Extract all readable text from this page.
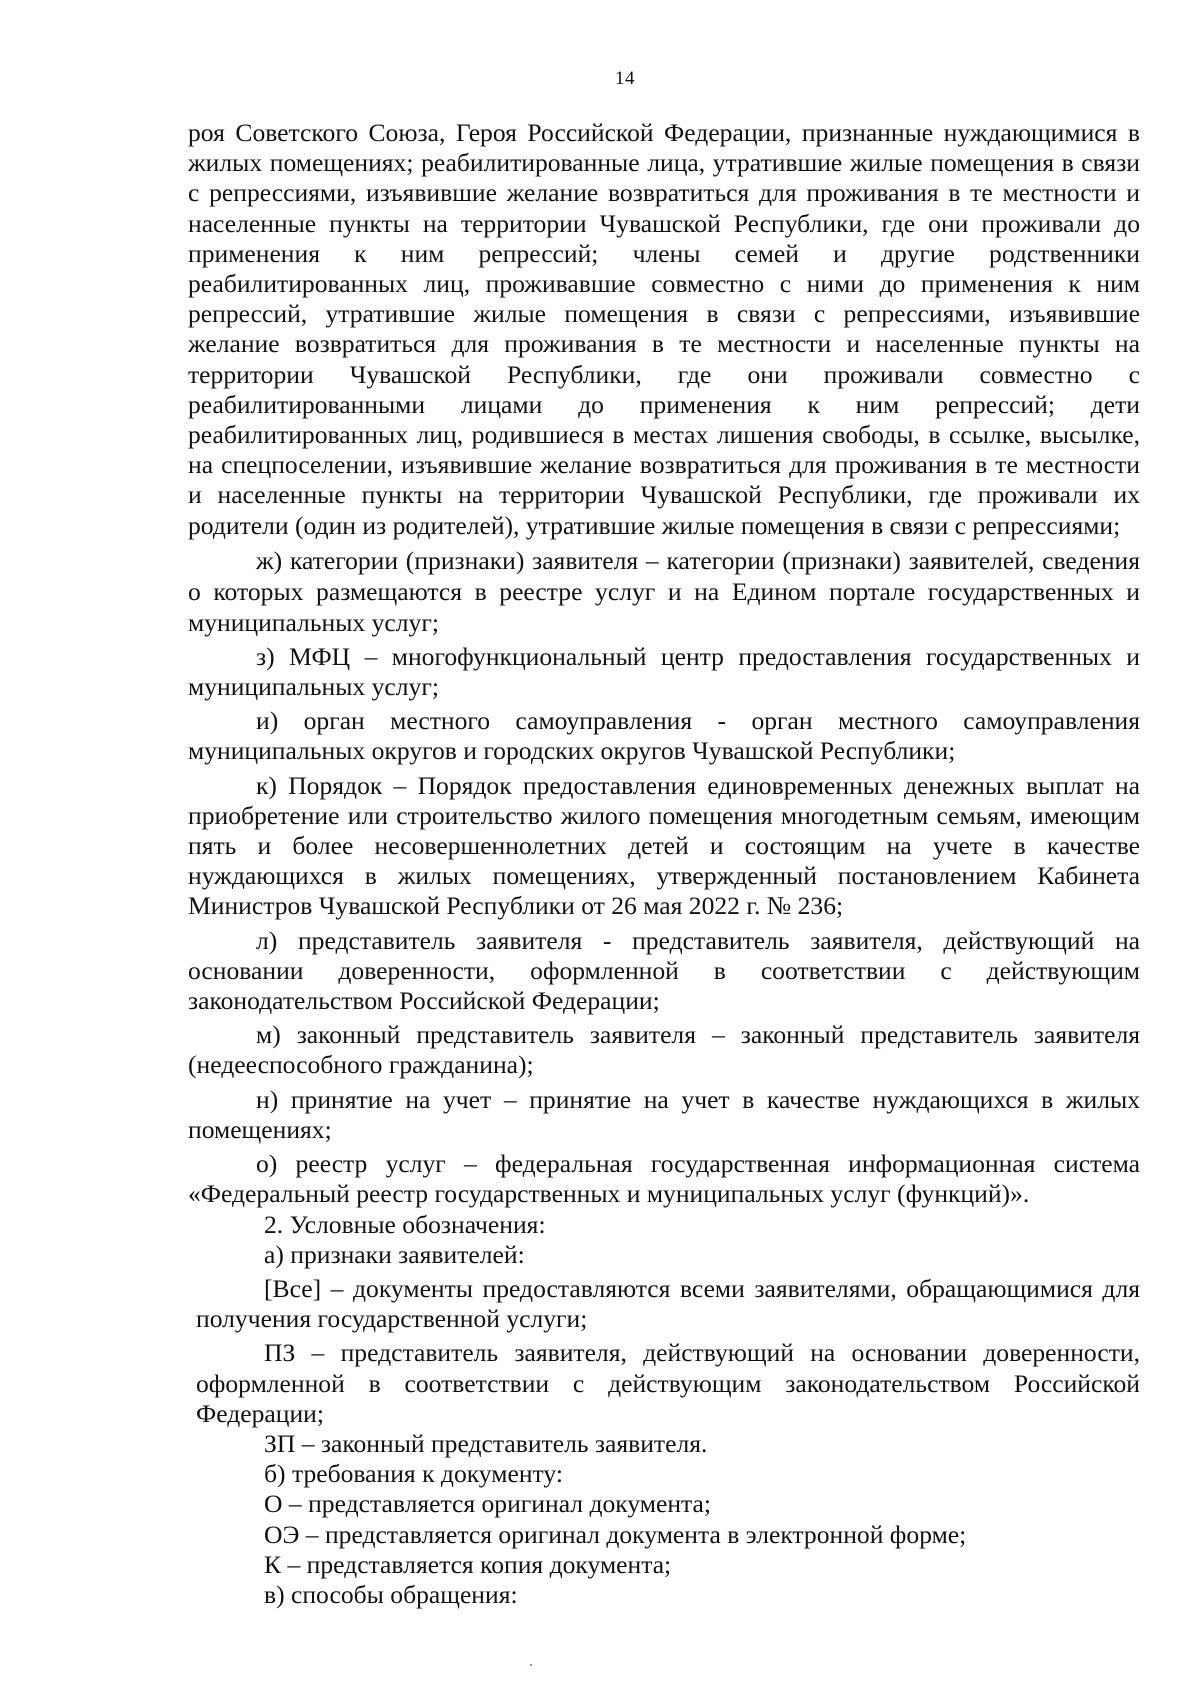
14

роя Советского Союза, Героя Российской Федерации, признанные нуждающимися в жилых помещениях; реабилитированные лица, утратившие жилые помещения в связи с репрессиями, изъявившие желание возвратиться для проживания в те местности и населенные пункты на территории Чувашской Республики, где они проживали до применения к ним репрессий; члены семей и другие родственники реабилитированных лиц, проживавшие совместно с ними до применения к ним репрессий, утратившие жилые помещения в связи с репрессиями, изъявившие желание возвратиться для проживания в те местности и населенные пункты на территории Чувашской Республики, где они проживали совместно с реабилитированными лицами до применения к ним репрессий; дети реабилитированных лиц, родившиеся в местах лишения свободы, в ссылке, высылке, на спецпоселении, изъявившие желание возвратиться для проживания в те местности и населенные пункты на территории Чувашской Республики, где проживали их родители (один из родителей), утратившие жилые помещения в связи с репрессиями;

ж) категории (признаки) заявителя – категории (признаки) заявителей, сведения о которых размещаются в реестре услуг и на Едином портале государственных и муниципальных услуг;

з) МФЦ – многофункциональный центр предоставления государственных и муниципальных услуг;

и) орган местного самоуправления - орган местного самоуправления муниципальных округов и городских округов Чувашской Республики;

к) Порядок – Порядок предоставления единовременных денежных выплат на приобретение или строительство жилого помещения многодетным семьям, имеющим пять и более несовершеннолетних детей и состоящим на учете в качестве нуждающихся в жилых помещениях, утвержденный постановлением Кабинета Министров Чувашской Республики от 26 мая 2022 г. № 236;

л) представитель заявителя - представитель заявителя, действующий на основании доверенности, оформленной в соответствии с действующим законодательством Российской Федерации;

м) законный представитель заявителя – законный представитель заявителя (недееспособного гражданина);

н) принятие на учет – принятие на учет в качестве нуждающихся в жилых помещениях;

о) реестр услуг – федеральная государственная информационная система «Федеральный реестр государственных и муниципальных услуг (функций)».

2. Условные обозначения:

а) признаки заявителей:

[Все] – документы предоставляются всеми заявителями, обращающимися для получения государственной услуги;

ПЗ – представитель заявителя, действующий на основании доверенности, оформленной в соответствии с действующим законодательством Российской Федерации;

ЗП – законный представитель заявителя.

б) требования к документу:

О – представляется оригинал документа;

ОЭ – представляется оригинал документа в электронной форме;

К – представляется копия документа;

в) способы обращения:
